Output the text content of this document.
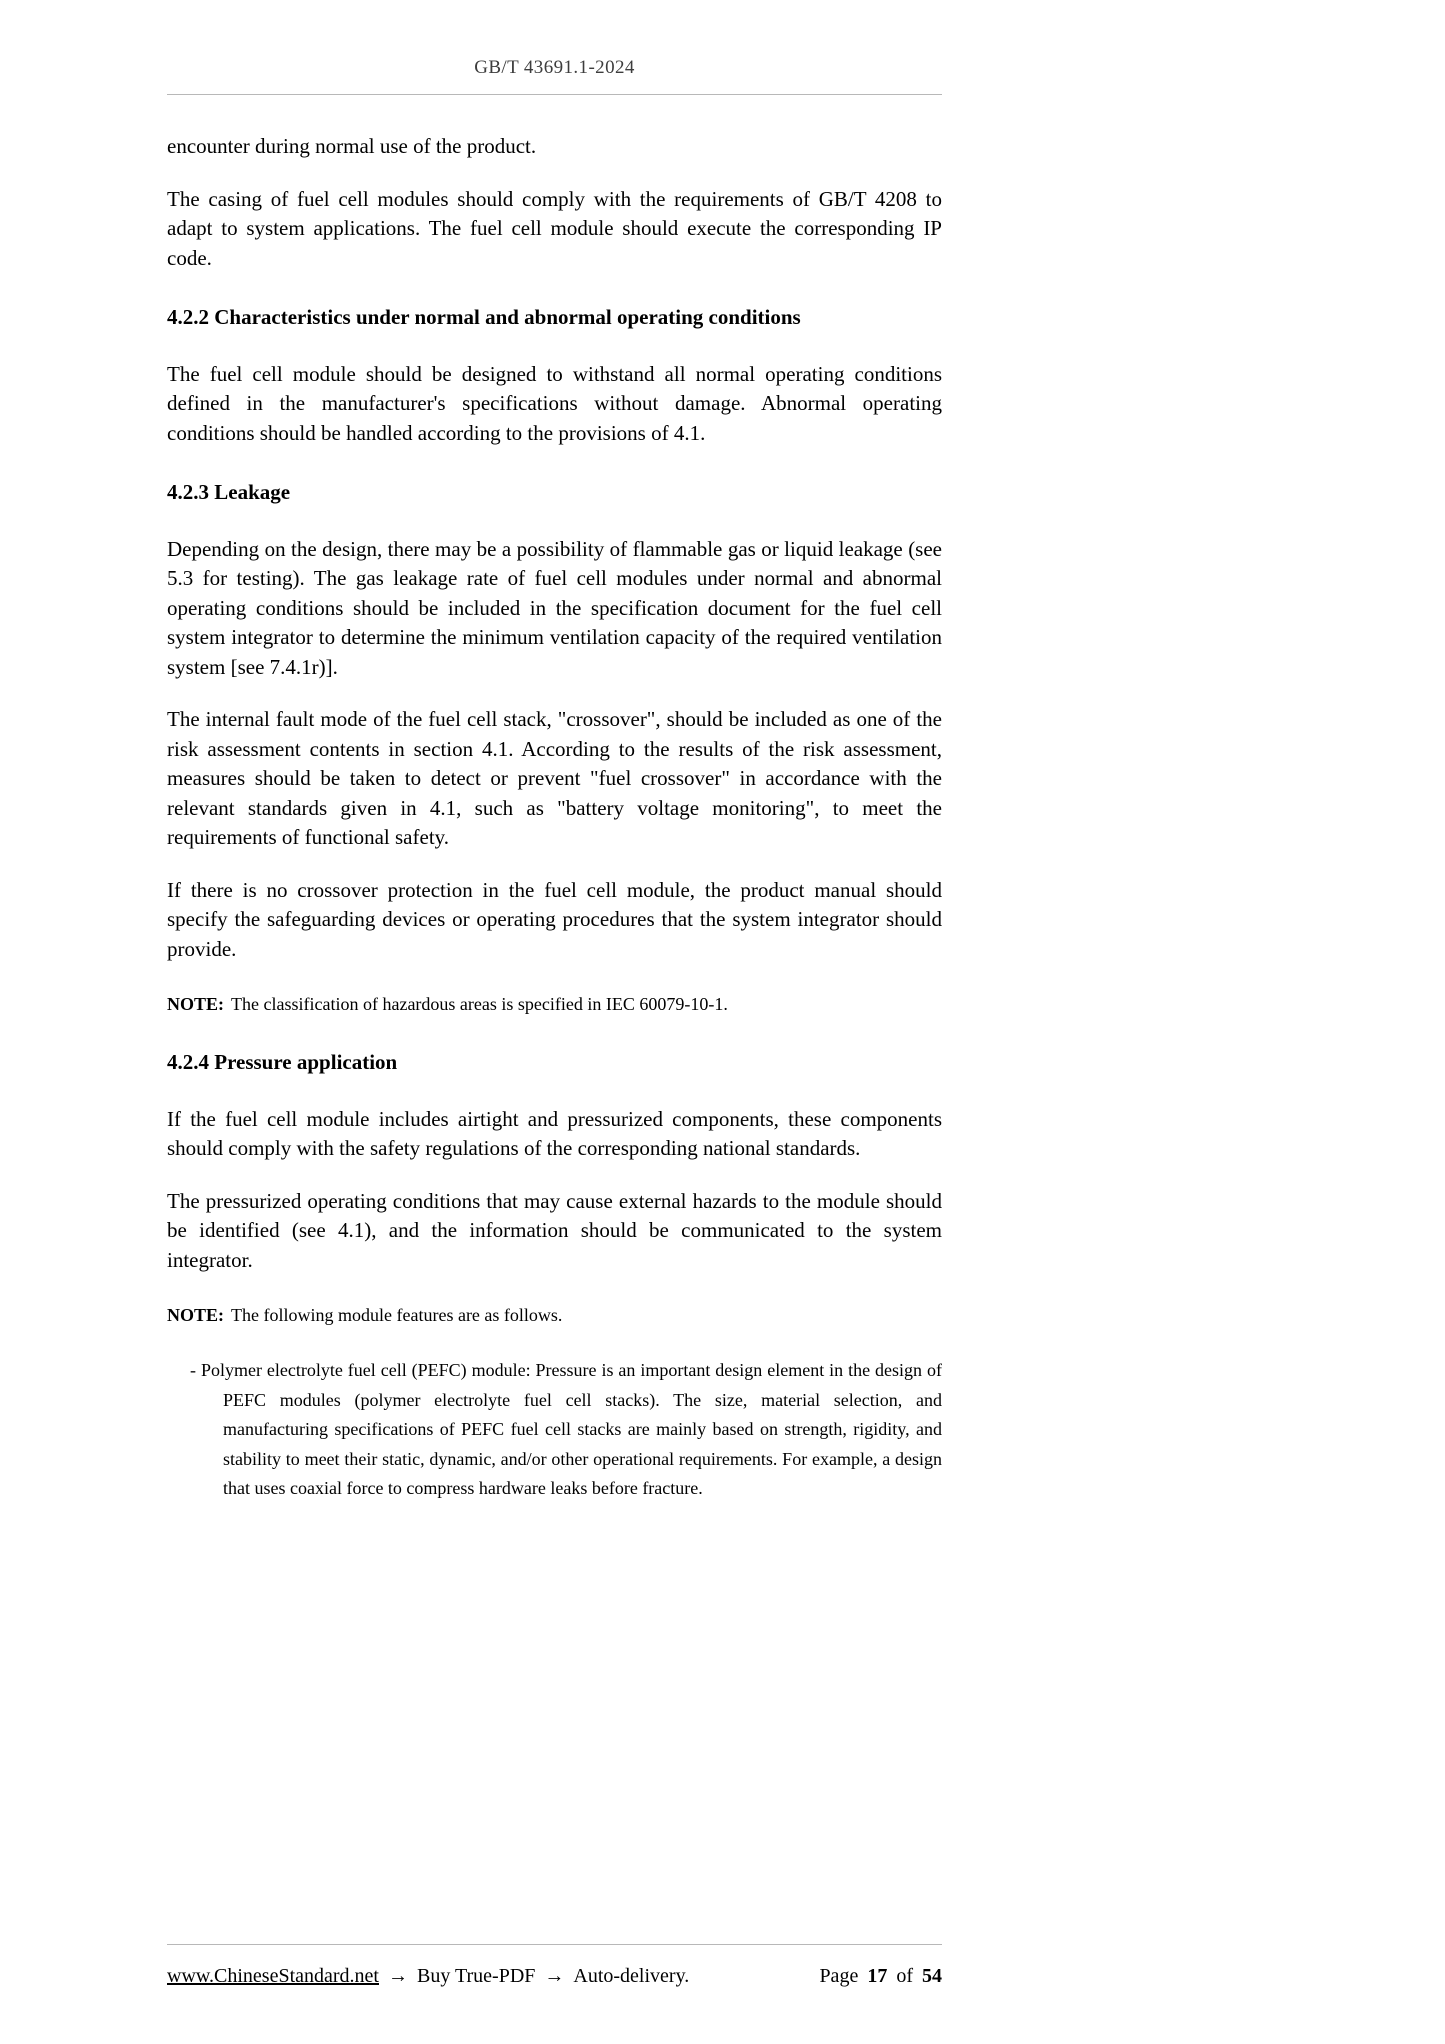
GB/T 43691.1-2024

encounter during normal use of the product.

The casing of fuel cell modules should comply with the requirements of GB/T 4208 to adapt to system applications. The fuel cell module should execute the corresponding IP code.

4.2.2 Characteristics under normal and abnormal operating conditions

The fuel cell module should be designed to withstand all normal operating conditions defined in the manufacturer's specifications without damage. Abnormal operating conditions should be handled according to the provisions of 4.1.

4.2.3 Leakage

Depending on the design, there may be a possibility of flammable gas or liquid leakage (see 5.3 for testing). The gas leakage rate of fuel cell modules under normal and abnormal operating conditions should be included in the specification document for the fuel cell system integrator to determine the minimum ventilation capacity of the required ventilation system [see 7.4.1r)].

The internal fault mode of the fuel cell stack, "crossover", should be included as one of the risk assessment contents in section 4.1. According to the results of the risk assessment, measures should be taken to detect or prevent "fuel crossover" in accordance with the relevant standards given in 4.1, such as "battery voltage monitoring", to meet the requirements of functional safety.

If there is no crossover protection in the fuel cell module, the product manual should specify the safeguarding devices or operating procedures that the system integrator should provide.

NOTE: The classification of hazardous areas is specified in IEC 60079-10-1.

4.2.4 Pressure application

If the fuel cell module includes airtight and pressurized components, these components should comply with the safety regulations of the corresponding national standards.

The pressurized operating conditions that may cause external hazards to the module should be identified (see 4.1), and the information should be communicated to the system integrator.

NOTE: The following module features are as follows.

- Polymer electrolyte fuel cell (PEFC) module: Pressure is an important design element in the design of PEFC modules (polymer electrolyte fuel cell stacks). The size, material selection, and manufacturing specifications of PEFC fuel cell stacks are mainly based on strength, rigidity, and stability to meet their static, dynamic, and/or other operational requirements. For example, a design that uses coaxial force to compress hardware leaks before fracture.

www.ChineseStandard.net → Buy True-PDF → Auto-delivery.	Page 17 of 54
